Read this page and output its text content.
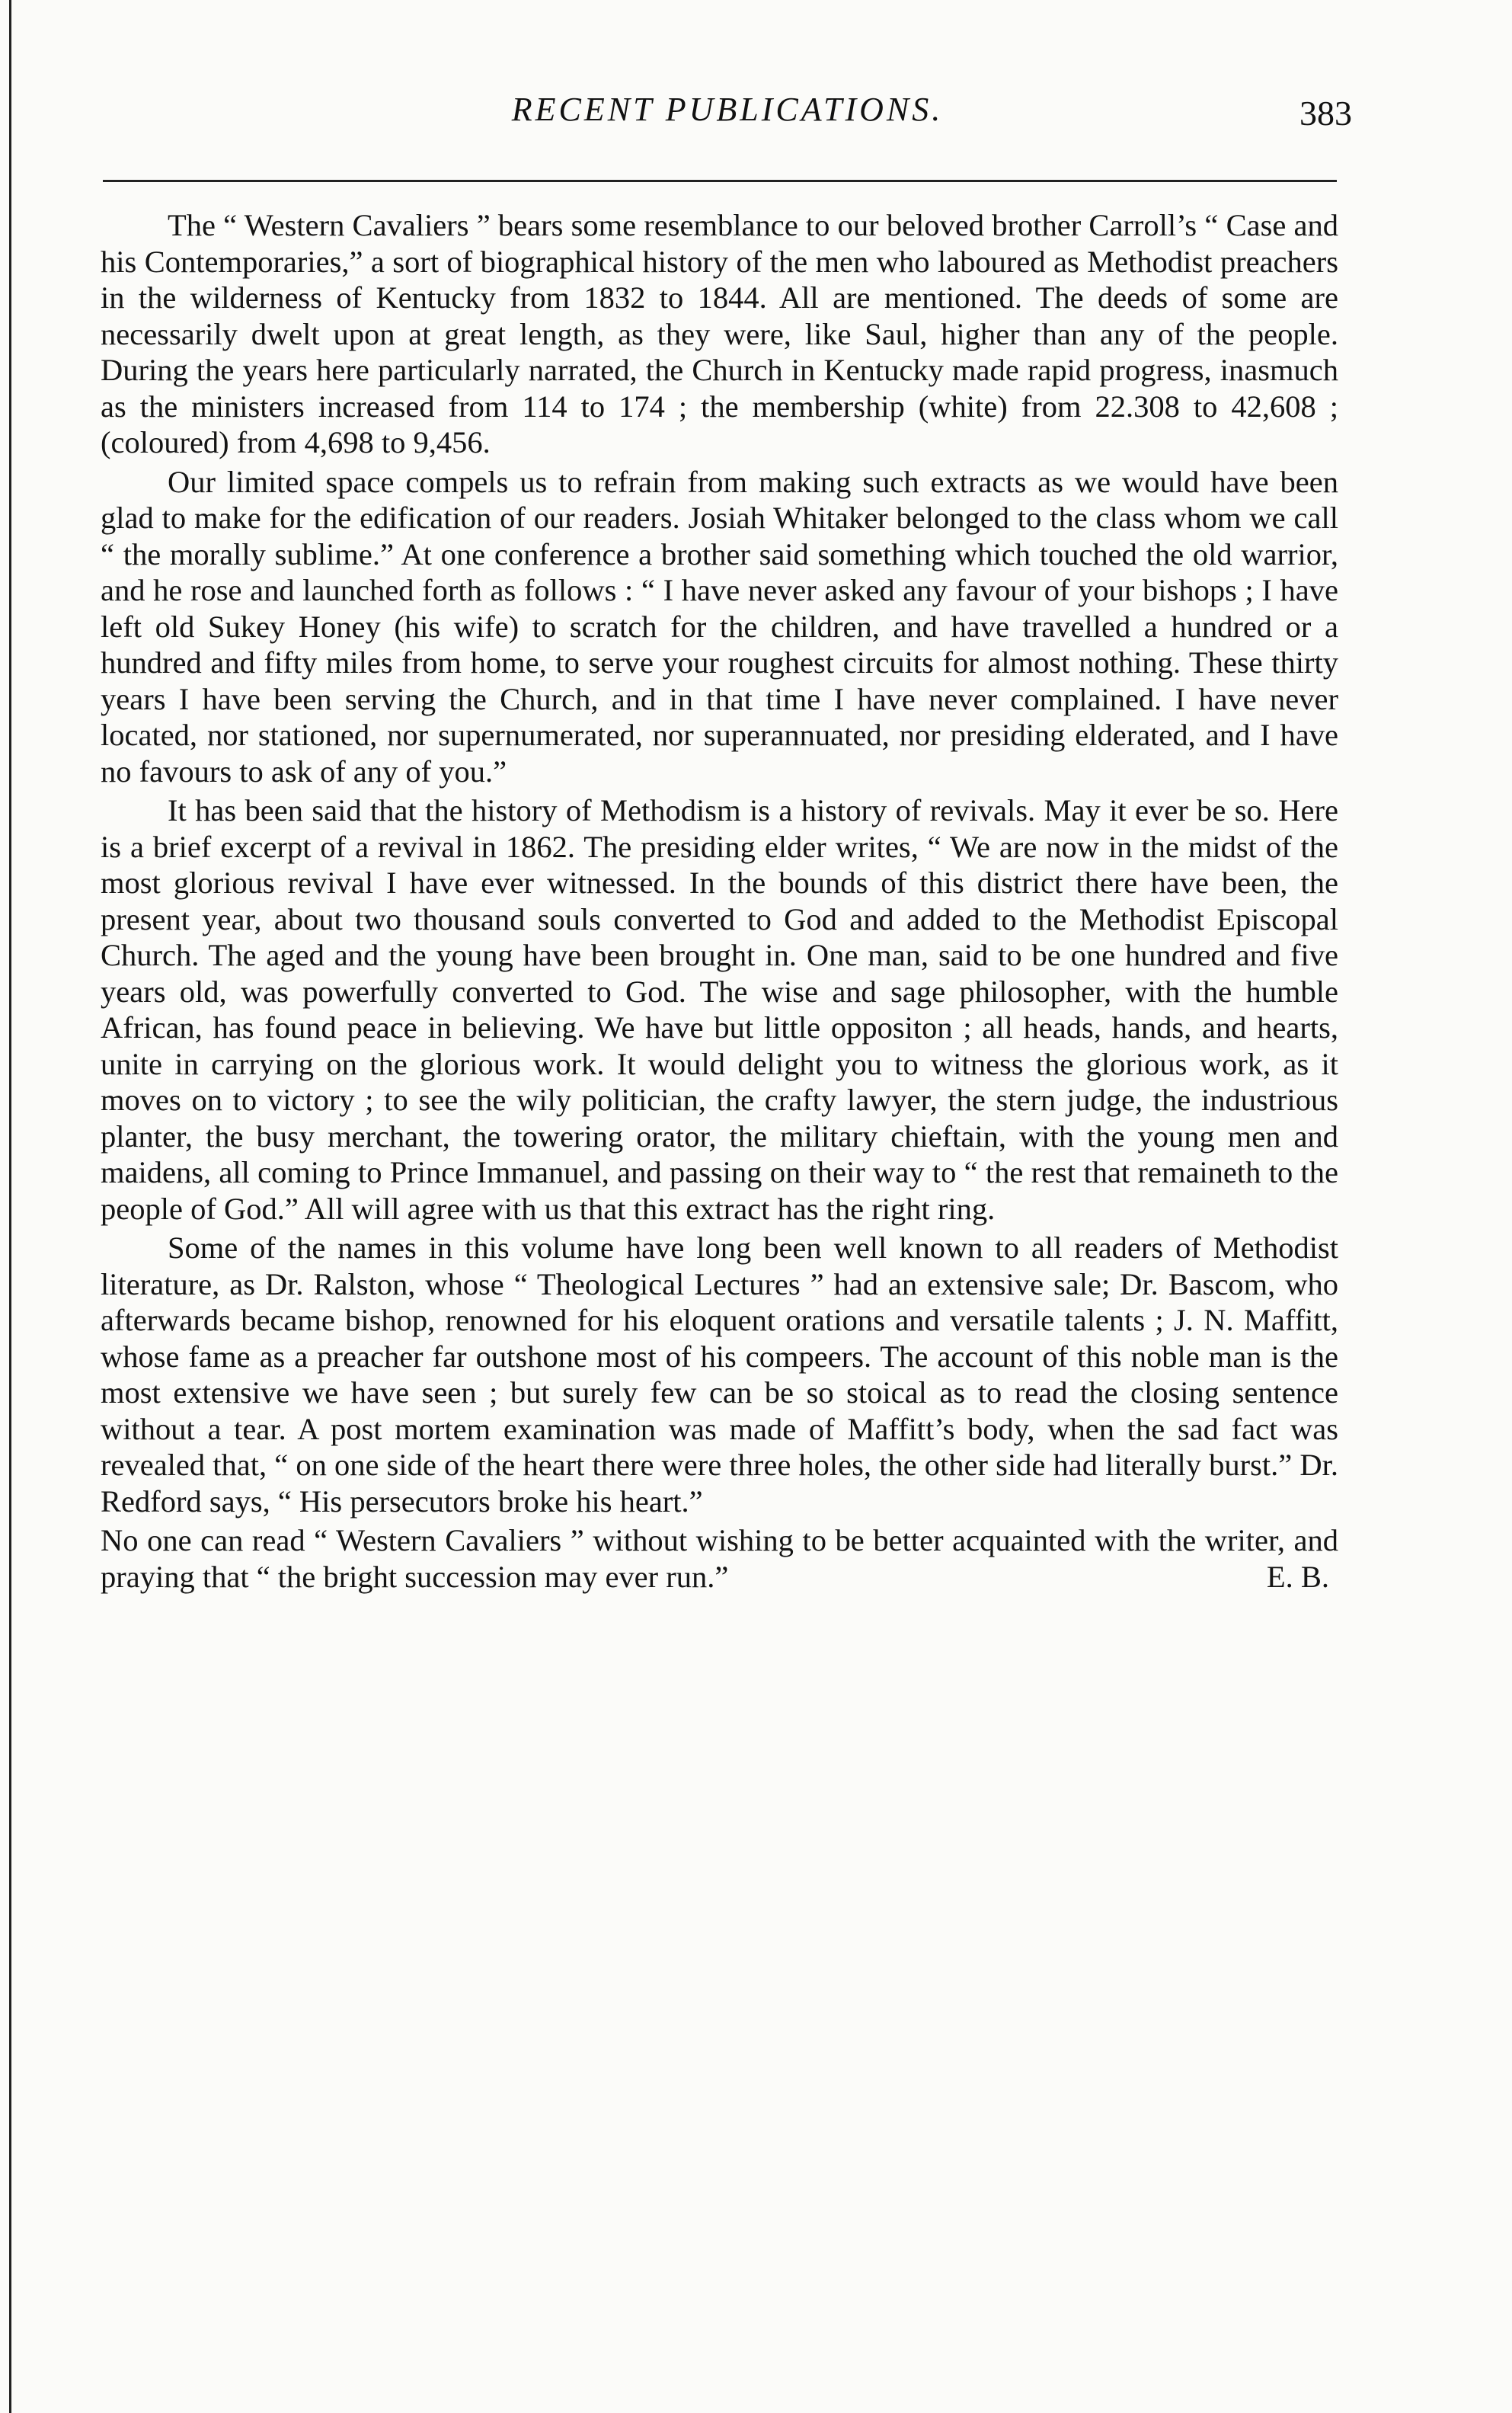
RECENT PUBLICATIONS.	383

The “ Western Cavaliers ” bears some resemblance to our beloved brother Carroll’s “ Case and his Contemporaries,” a sort of biographical history of the men who laboured as Methodist preachers in the wilderness of Kentucky from 1832 to 1844. All are mentioned. The deeds of some are necessarily dwelt upon at great length, as they were, like Saul, higher than any of the people. During the years here particularly narrated, the Church in Kentucky made rapid progress, inasmuch as the ministers increased from 114 to 174 ; the membership (white) from 22.308 to 42,608 ; (coloured) from 4,698 to 9,456.

Our limited space compels us to refrain from making such extracts as we would have been glad to make for the edification of our readers. Josiah Whitaker belonged to the class whom we call “ the morally sublime.” At one conference a brother said something which touched the old warrior, and he rose and launched forth as follows : “ I have never asked any favour of your bishops ; I have left old Sukey Honey (his wife) to scratch for the children, and have travelled a hundred or a hundred and fifty miles from home, to serve your roughest circuits for almost nothing. These thirty years I have been serving the Church, and in that time I have never complained. I have never located, nor stationed, nor supernumerated, nor superannuated, nor presiding elderated, and I have no favours to ask of any of you.”

It has been said that the history of Methodism is a history of revivals. May it ever be so. Here is a brief excerpt of a revival in 1862. The presiding elder writes, “ We are now in the midst of the most glorious revival I have ever witnessed. In the bounds of this district there have been, the present year, about two thousand souls converted to God and added to the Methodist Episcopal Church. The aged and the young have been brought in. One man, said to be one hundred and five years old, was powerfully converted to God. The wise and sage philosopher, with the humble African, has found peace in believing. We have but little oppositon ; all heads, hands, and hearts, unite in carrying on the glorious work. It would delight you to witness the glorious work, as it moves on to victory ; to see the wily politician, the crafty lawyer, the stern judge, the industrious planter, the busy merchant, the towering orator, the military chieftain, with the young men and maidens, all coming to Prince Immanuel, and passing on their way to “ the rest that remaineth to the people of God.” All will agree with us that this extract has the right ring.

Some of the names in this volume have long been well known to all readers of Methodist literature, as Dr. Ralston, whose “ Theological Lectures ” had an extensive sale; Dr. Bascom, who afterwards became bishop, renowned for his eloquent orations and versatile talents ; J. N. Maffitt, whose fame as a preacher far outshone most of his compeers. The account of this noble man is the most extensive we have seen ; but surely few can be so stoical as to read the closing sentence without a tear. A post mortem examination was made of Maffitt’s body, when the sad fact was revealed that, “ on one side of the heart there were three holes, the other side had literally burst.” Dr. Redford says, “ His persecutors broke his heart.”

No one can read “ Western Cavaliers ” without wishing to be better acquainted with the writer, and praying that “ the bright succession may ever run.”	E. B.
